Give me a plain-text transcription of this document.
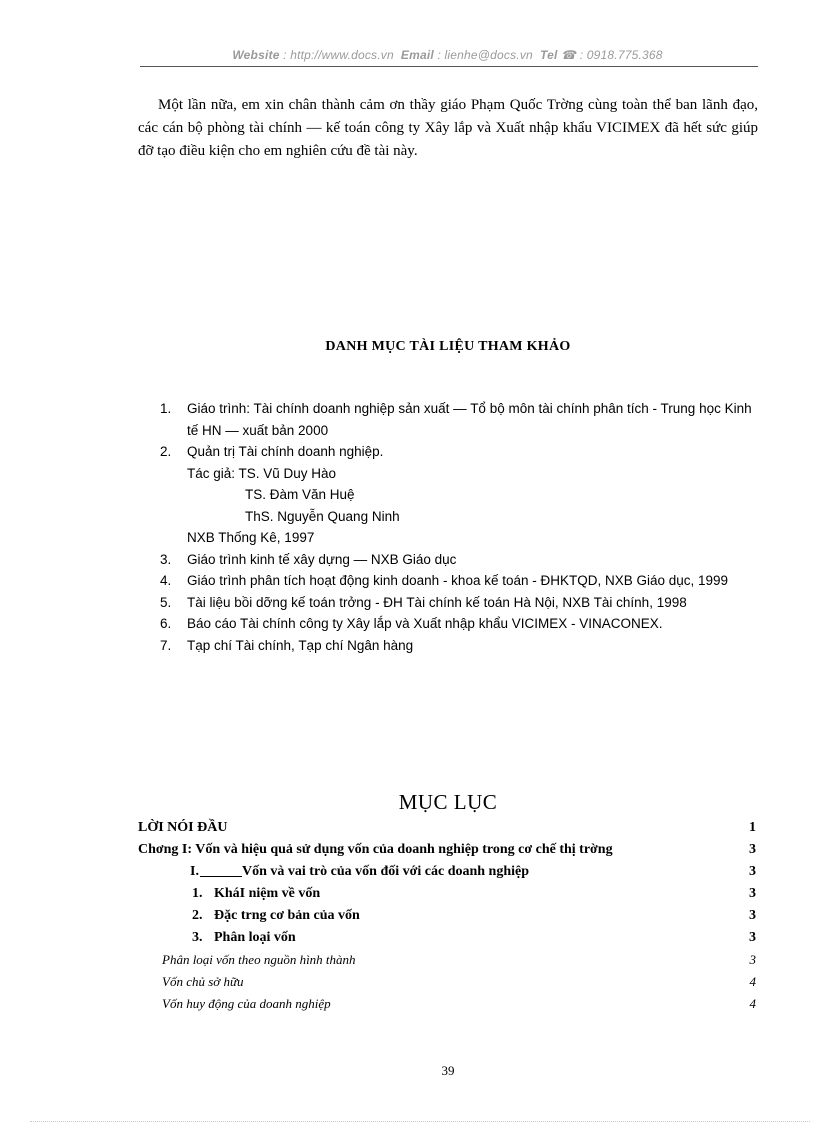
Website : http://www.docs.vn Email : lienhe@docs.vn Tel ☎ : 0918.775.368

Một lần nữa, em xin chân thành cảm ơn thầy giáo Phạm Quốc Trờng cùng toàn thể ban lãnh đạo, các cán bộ phòng tài chính — kế toán công ty Xây lắp và Xuất nhập khẩu VICIMEX đã hết sức giúp đỡ tạo điều kiện cho em nghiên cứu đề tài này.

DANH MỤC TÀI LIỆU THAM KHẢO
1.	Giáo trình: Tài chính doanh nghiệp sản xuất — Tổ bộ môn tài chính phân tích - Trung học Kinh tế HN — xuất bản 2000
2.	Quản trị Tài chính doanh nghiệp.
Tác giả: TS. Vũ Duy Hào
TS. Đàm Văn Huệ
ThS. Nguyễn Quang Ninh
NXB Thống Kê, 1997
3.	Giáo trình kinh tế xây dựng — NXB Giáo dục
4.	Giáo trình phân tích hoạt động kinh doanh - khoa kế toán - ĐHKTQD, NXB Giáo dục, 1999
5.	Tài liệu bồi dỡng kế toán trởng - ĐH Tài chính kế toán Hà Nội, NXB Tài chính, 1998
6.	Báo cáo Tài chính công ty Xây lắp và Xuất nhập khẩu VICIMEX - VINACONEX.
7.	Tạp chí Tài chính, Tạp chí Ngân hàng
MỤC LỤC
LỜI NÓI ĐẦU	1
Chơng I: Vốn và hiệu quả sử dụng vốn của doanh nghiệp trong cơ chế thị trờng	3
I.	Vốn và vai trò của vốn đối với các doanh nghiệp	3
1. KháI niệm về vốn	3
2. Đặc trng cơ bản của vốn	3
3. Phân loại vốn	3
Phân loại vốn theo nguồn hình thành	3
Vốn chủ sở hữu	4
Vốn huy động của doanh nghiệp	4
39
